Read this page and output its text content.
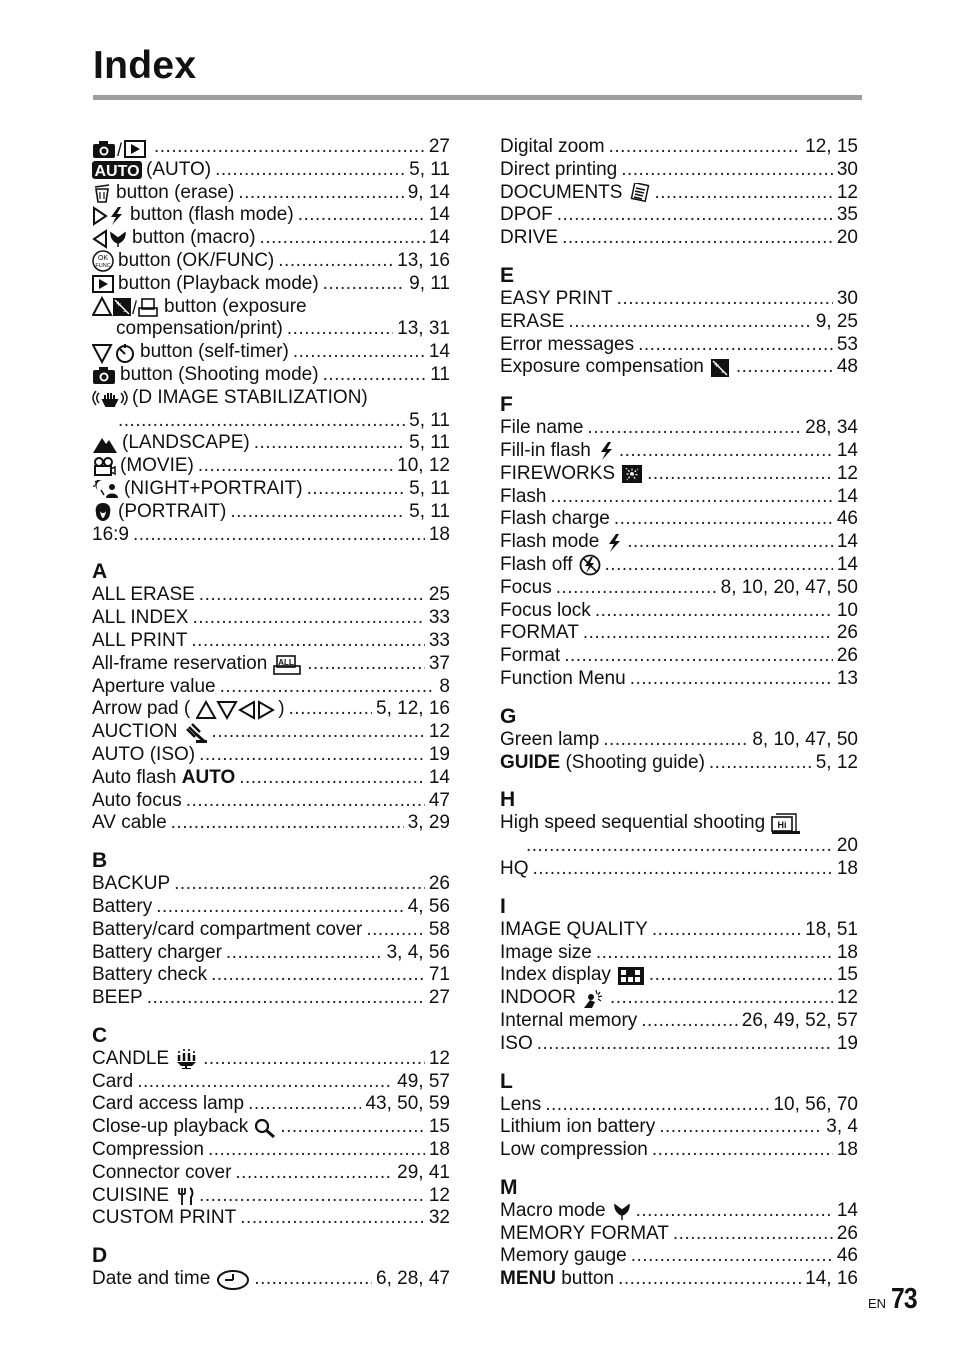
Index
/ .....	27
AUTO (AUTO) .....	5, 11
button (erase) .....	9, 14
button (flash mode) .....	14
button (macro) .....	14
OK
FUNC button (OK/FUNC) .....	13, 16
button (Playback mode) .....	9, 11
+
- / button (exposure
compensation/print) .....	13, 31
button (self-timer) .....	14
button (Shooting mode) .....	11
(D IMAGE STABILIZATION)
.....
5, 11
(LANDSCAPE) .....	5, 11
(MOVIE) .....	10, 12
(NIGHT+PORTRAIT) .....	5, 11
(PORTRAIT) .....	5, 11
16:9 .....	18
A
ALL ERASE .....	25
ALL INDEX .....	33
ALL PRINT .....	33
All-frame reservation ALL .....	37
Aperture value .....	8
Arrow pad (	) .....	5, 12, 16
AUCTION .....	12
AUTO (ISO) .....	19
Auto flash
AUTO .....	14
Auto focus .....	47
AV cable .....	3, 29
B
BACKUP .....	26
Battery .....	4, 56
Battery/card compartment cover .....	58
Battery charger .....	3, 4, 56
Battery check .....	71
BEEP .....	27
C
CANDLE .....	12
Card .....	49, 57
Card access lamp .....	43, 50, 59
Close-up playback .....	15
Compression .....	18
Connector cover .....	29, 41
CUISINE .....	12
CUSTOM PRINT .....	32
D
Date and time .....	6, 28, 47
Digital zoom .....	12, 15
Direct printing .....	30
DOCUMENTS .....	12
DPOF .....	35
DRIVE .....	20
E
EASY PRINT .....	30
ERASE .....	9, 25
Error messages .....	53
Exposure compensation +
- .....	48
F
File name .....	28, 34
Fill-in flash .....	14
FIREWORKS .....	12
Flash .....	14
Flash charge .....	46
Flash mode .....	14
Flash off .....	14
Focus .....	8, 10, 20, 47, 50
Focus lock .....	10
FORMAT .....	26
Format .....	26
Function Menu .....	13
G
Green lamp .....	8, 10, 47, 50
GUIDE
(Shooting guide) .....	5, 12
H
High speed sequential shooting Hi
.....
20
HQ .....	18
I
IMAGE QUALITY .....	18, 51
Image size .....	18
Index display .....	15
INDOOR .....	12
Internal memory .....	26, 49, 52, 57
ISO .....	19
L
Lens .....	10, 56, 70
Lithium ion battery .....	3, 4
Low compression .....	18
M
Macro mode .....	14
MEMORY FORMAT .....	26
Memory gauge .....	46
MENU
button .....	14, 16
EN 73
